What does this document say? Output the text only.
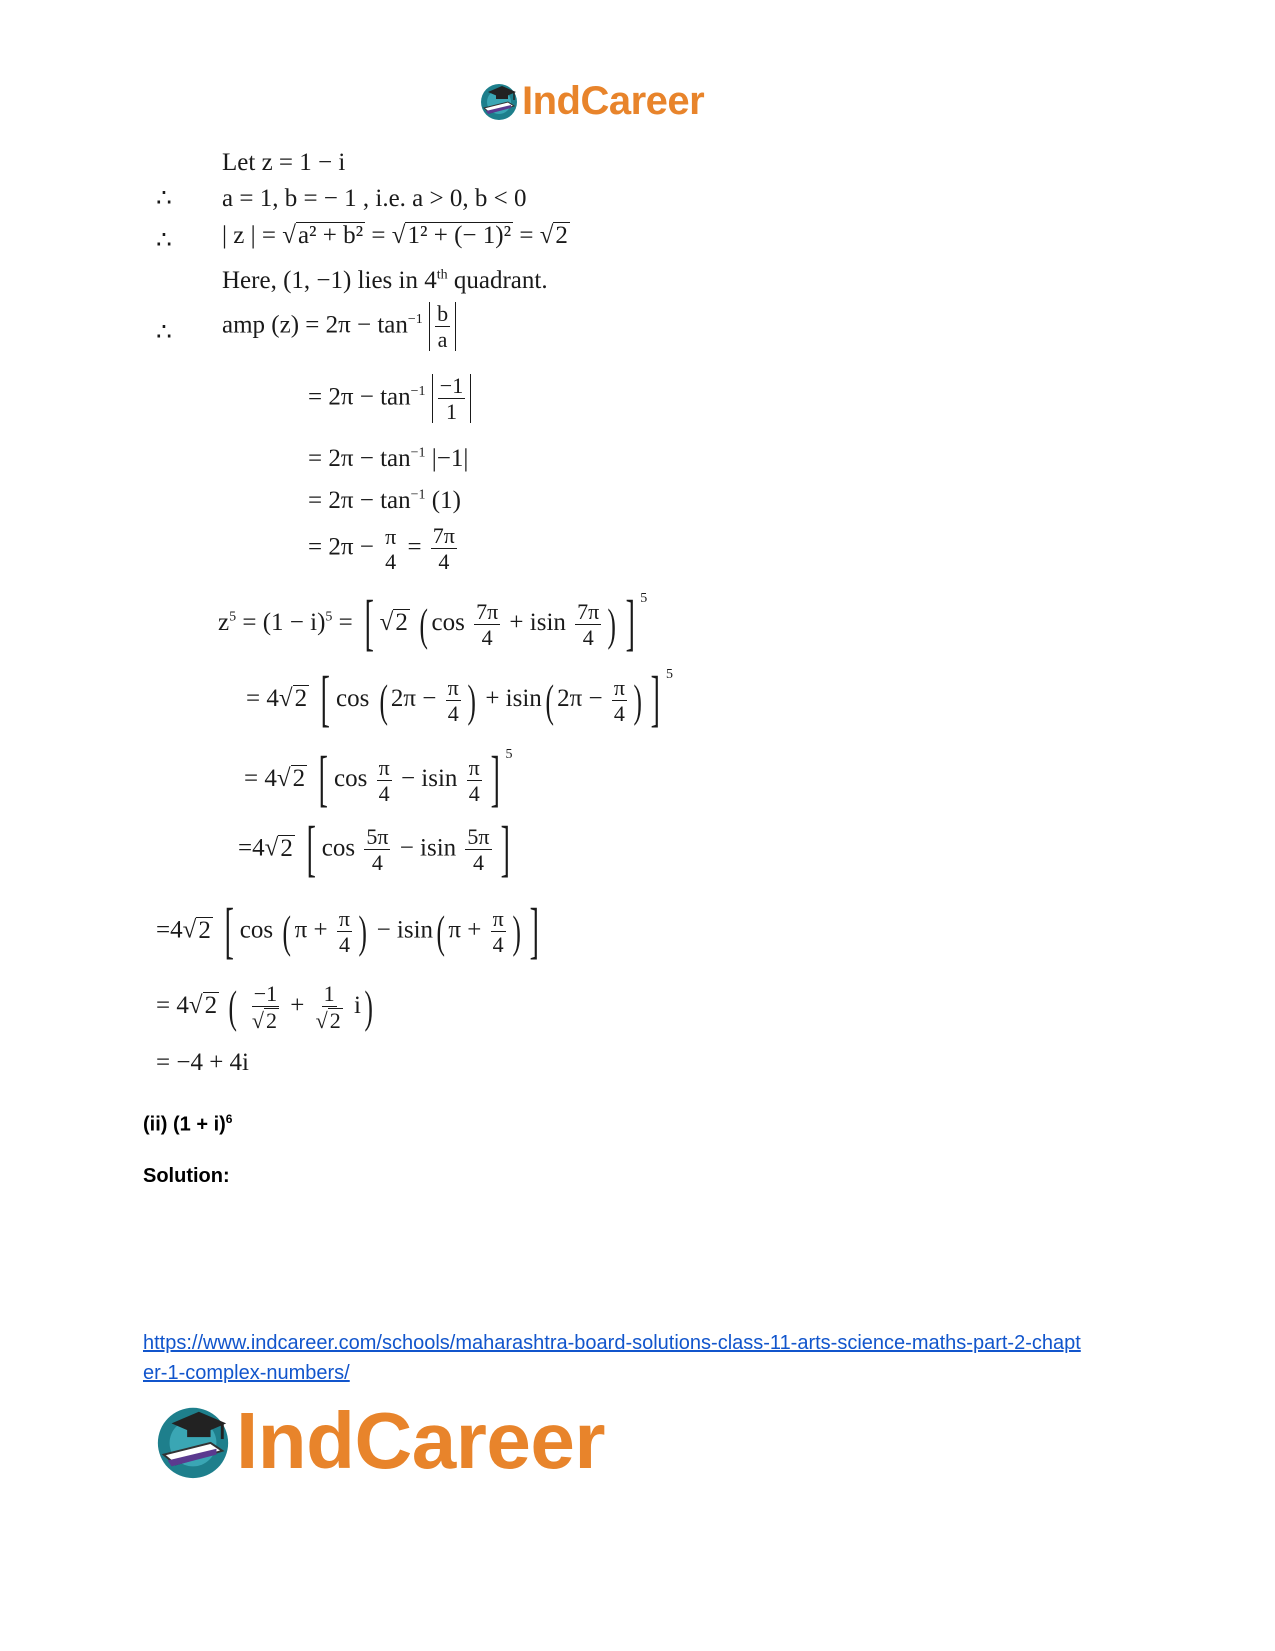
IndCareer
Let z = 1 − i
∴ a = 1, b = − 1 , i.e. a > 0, b < 0
∴ | z | = √a² + b² = √1² + (− 1)² = √2
Here, (1, −1) lies in 4th quadrant.
∴ amp $(z) = 2\pi - \tan^{-1} \frac{b}{a}$
= $2\pi - \tan^{-1} \frac{-1}{1}$
= $2\pi - \tan^{-1} |-1|$
= $2\pi - \tan^{-1} (1)$
= 2π − π
4
= $\frac{7\pi}{4}$
$z^5 = (1 - i)^5$ = [ √2 ( $\cos \frac{7\pi}{4} + isin \frac{7\pi}{4}$ ) ] $^5$
= 4√2 [ cos ( $2\pi - \frac{\pi}{4}$ ) + isin( $2\pi - \frac{\pi}{4}$ ) ] $^5$
= 4√2 [ $\cos \frac{\pi}{4} - isin \frac{\pi}{4}$ ] $^5$
=4√2 [ $\cos \frac{5\pi}{4} - isin \frac{5\pi}{4}$ ]
=4√2 [ cos ( $\pi + \frac{\pi}{4}$ ) − isin( $\pi + \frac{\pi}{4}$ ) ]
= 4√2 ( $\frac{-1}{√2} + \frac{1}{√2} i$)
= −4 + 4i
(ii) $(1 + i)^6$
Solution:
https://www.indcareer.com/schools/maharashtra-board-solutions-class-11-arts-science-maths-part-2-chapter-1-complex-numbers/
IndCareer
